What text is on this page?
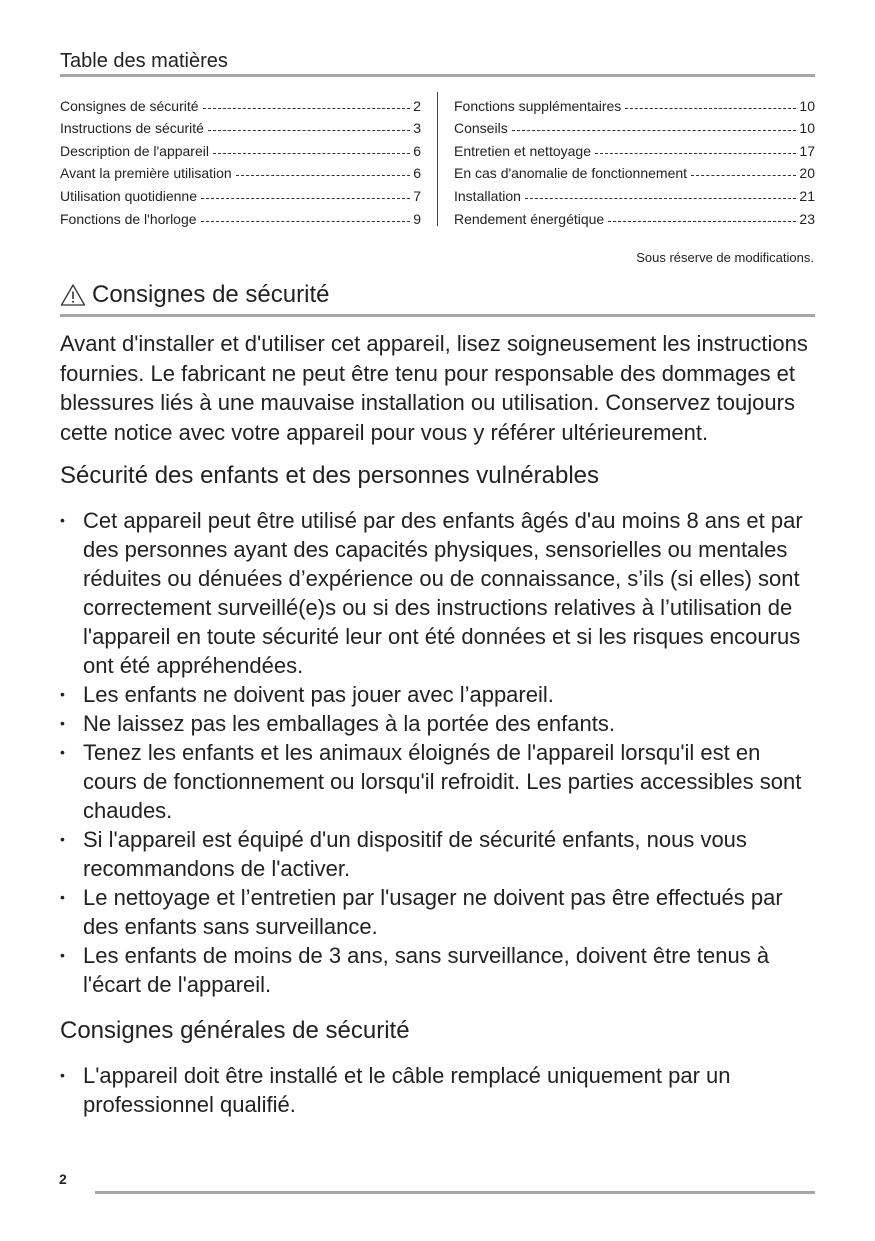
Table des matières
Consignes de sécurité	2
Instructions de sécurité	3
Description de l'appareil	6
Avant la première utilisation	6
Utilisation quotidienne	7
Fonctions de l'horloge	9
Fonctions supplémentaires	10
Conseils	10
Entretien et nettoyage	17
En cas d'anomalie de fonctionnement	20
Installation	21
Rendement énergétique	23
Sous réserve de modifications.
Consignes de sécurité

Avant d'installer et d'utiliser cet appareil, lisez soigneusement les instructions fournies. Le fabricant ne peut être tenu pour responsable des dommages et blessures liés à une mauvaise installation ou utilisation. Conservez toujours cette notice avec votre appareil pour vous y référer ultérieurement.

Sécurité des enfants et des personnes vulnérables
• Cet appareil peut être utilisé par des enfants âgés d'au moins 8 ans et par des personnes ayant des capacités physiques, sensorielles ou mentales réduites ou dénuées d’expérience ou de connaissance, s’ils (si elles) sont correctement surveillé(e)s ou si des instructions relatives à l’utilisation de l'appareil en toute sécurité leur ont été données et si les risques encourus ont été appréhendées.
• Les enfants ne doivent pas jouer avec l’appareil.
• Ne laissez pas les emballages à la portée des enfants.
• Tenez les enfants et les animaux éloignés de l'appareil lorsqu'il est en cours de fonctionnement ou lorsqu'il refroidit. Les parties accessibles sont chaudes.
• Si l'appareil est équipé d'un dispositif de sécurité enfants, nous vous recommandons de l'activer.
• Le nettoyage et l’entretien par l'usager ne doivent pas être effectués par des enfants sans surveillance.
• Les enfants de moins de 3 ans, sans surveillance, doivent être tenus à l'écart de l'appareil.
Consignes générales de sécurité
• L'appareil doit être installé et le câble remplacé uniquement par un professionnel qualifié.
2
